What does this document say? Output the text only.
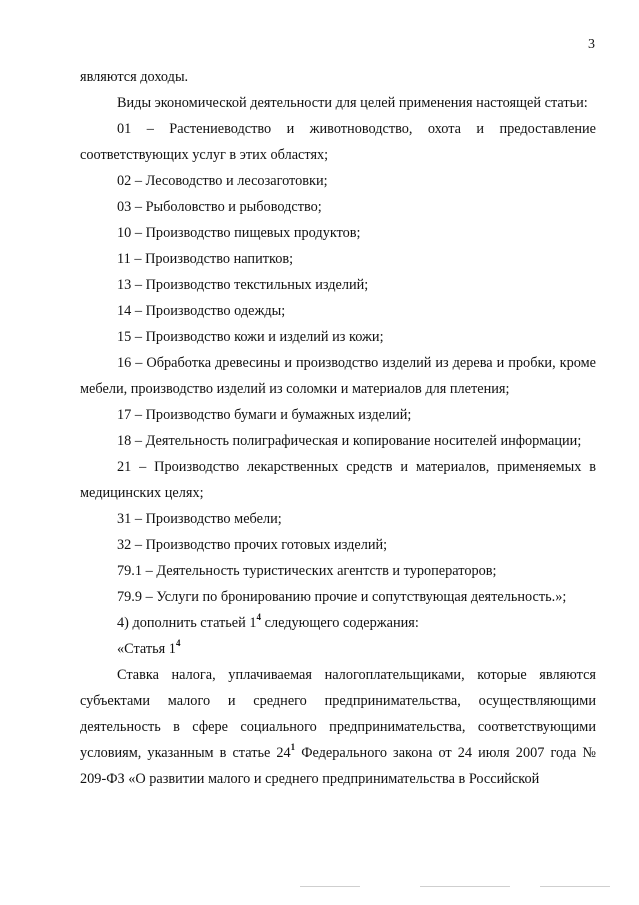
3

являются доходы.

Виды экономической деятельности для целей применения настоящей статьи:

01 – Растениеводство и животноводство, охота и предоставление соответствующих услуг в этих областях;

02 – Лесоводство и лесозаготовки;

03 – Рыболовство и рыбоводство;

10 – Производство пищевых продуктов;

11 – Производство напитков;

13 – Производство текстильных изделий;

14 – Производство одежды;

15 – Производство кожи и изделий из кожи;

16 – Обработка древесины и производство изделий из дерева и пробки, кроме мебели, производство изделий из соломки и материалов для плетения;

17 – Производство бумаги и бумажных изделий;

18 – Деятельность полиграфическая и копирование носителей информации;

21 – Производство лекарственных средств и материалов, применяемых в медицинских целях;

31 – Производство мебели;

32 – Производство прочих готовых изделий;

79.1 – Деятельность туристических агентств и туроператоров;

79.9 – Услуги по бронированию прочие и сопутствующая деятельность.»;

4) дополнить статьей $1^4$ следующего содержания:

«Статья $1^4$

Ставка налога, уплачиваемая налогоплательщиками, которые являются субъектами малого и среднего предпринимательства, осуществляющими деятельность в сфере социального предпринимательства, соответствующими условиям, указанным в статье $24^1$ Федерального закона от 24 июля 2007 года № 209-ФЗ «О развитии малого и среднего предпринимательства в Российской
